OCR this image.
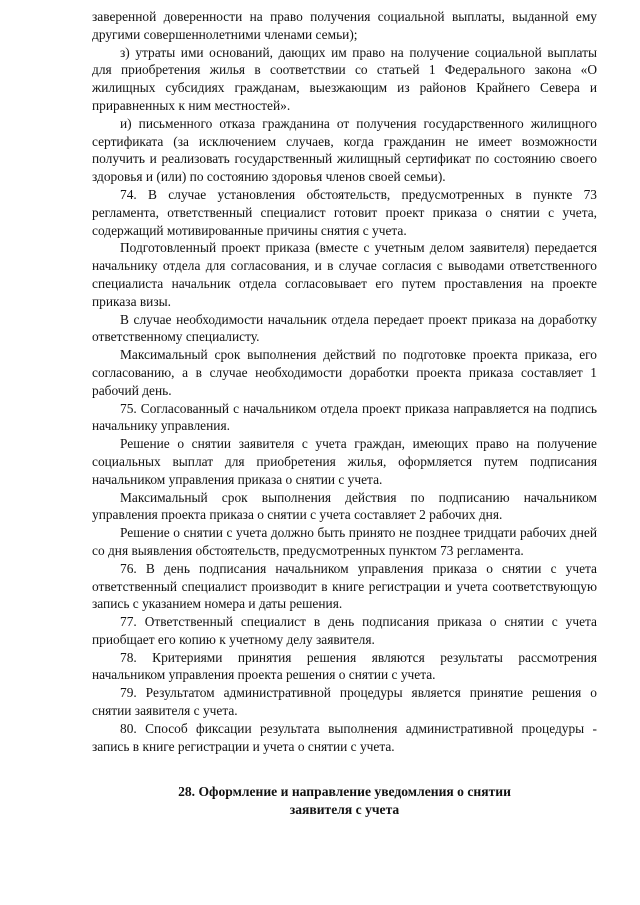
заверенной доверенности на право получения социальной выплаты, выданной ему другими совершеннолетними членами семьи);

з) утраты ими оснований, дающих им право на получение социальной выплаты для приобретения жилья в соответствии со статьей 1 Федерального закона «О жилищных субсидиях гражданам, выезжающим из районов Крайнего Севера и приравненных к ним местностей».

и) письменного отказа гражданина от получения государственного жилищного сертификата (за исключением случаев, когда гражданин не имеет возможности получить и реализовать государственный жилищный сертификат по состоянию своего здоровья и (или) по состоянию здоровья членов своей семьи).

74. В случае установления обстоятельств, предусмотренных в пункте 73 регламента, ответственный специалист готовит проект приказа о снятии с учета, содержащий мотивированные причины снятия с учета.

Подготовленный проект приказа (вместе с учетным делом заявителя) передается начальнику отдела для согласования, и в случае согласия с выводами ответственного специалиста начальник отдела согласовывает его путем проставления на проекте приказа визы.

В случае необходимости начальник отдела передает проект приказа на доработку ответственному специалисту.

Максимальный срок выполнения действий по подготовке проекта приказа, его согласованию, а в случае необходимости доработки проекта приказа составляет 1 рабочий день.

75. Согласованный с начальником отдела проект приказа направляется на подпись начальнику управления.

Решение о снятии заявителя с учета граждан, имеющих право на получение социальных выплат для приобретения жилья, оформляется путем подписания начальником управления приказа о снятии с учета.

Максимальный срок выполнения действия по подписанию начальником управления проекта приказа о снятии с учета составляет 2 рабочих дня.

Решение о снятии с учета должно быть принято не позднее тридцати рабочих дней со дня выявления обстоятельств, предусмотренных пунктом 73 регламента.

76. В день подписания начальником управления приказа о снятии с учета ответственный специалист производит в книге регистрации и учета соответствующую запись с указанием номера и даты решения.

77. Ответственный специалист в день подписания приказа о снятии с учета приобщает его копию к учетному делу заявителя.

78. Критериями принятия решения являются результаты рассмотрения начальником управления проекта решения о снятии с учета.

79. Результатом административной процедуры является принятие решения о снятии заявителя с учета.

80. Способ фиксации результата выполнения административной процедуры - запись в книге регистрации и учета о снятии с учета.

28. Оформление и направление уведомления о снятии
заявителя с учета
